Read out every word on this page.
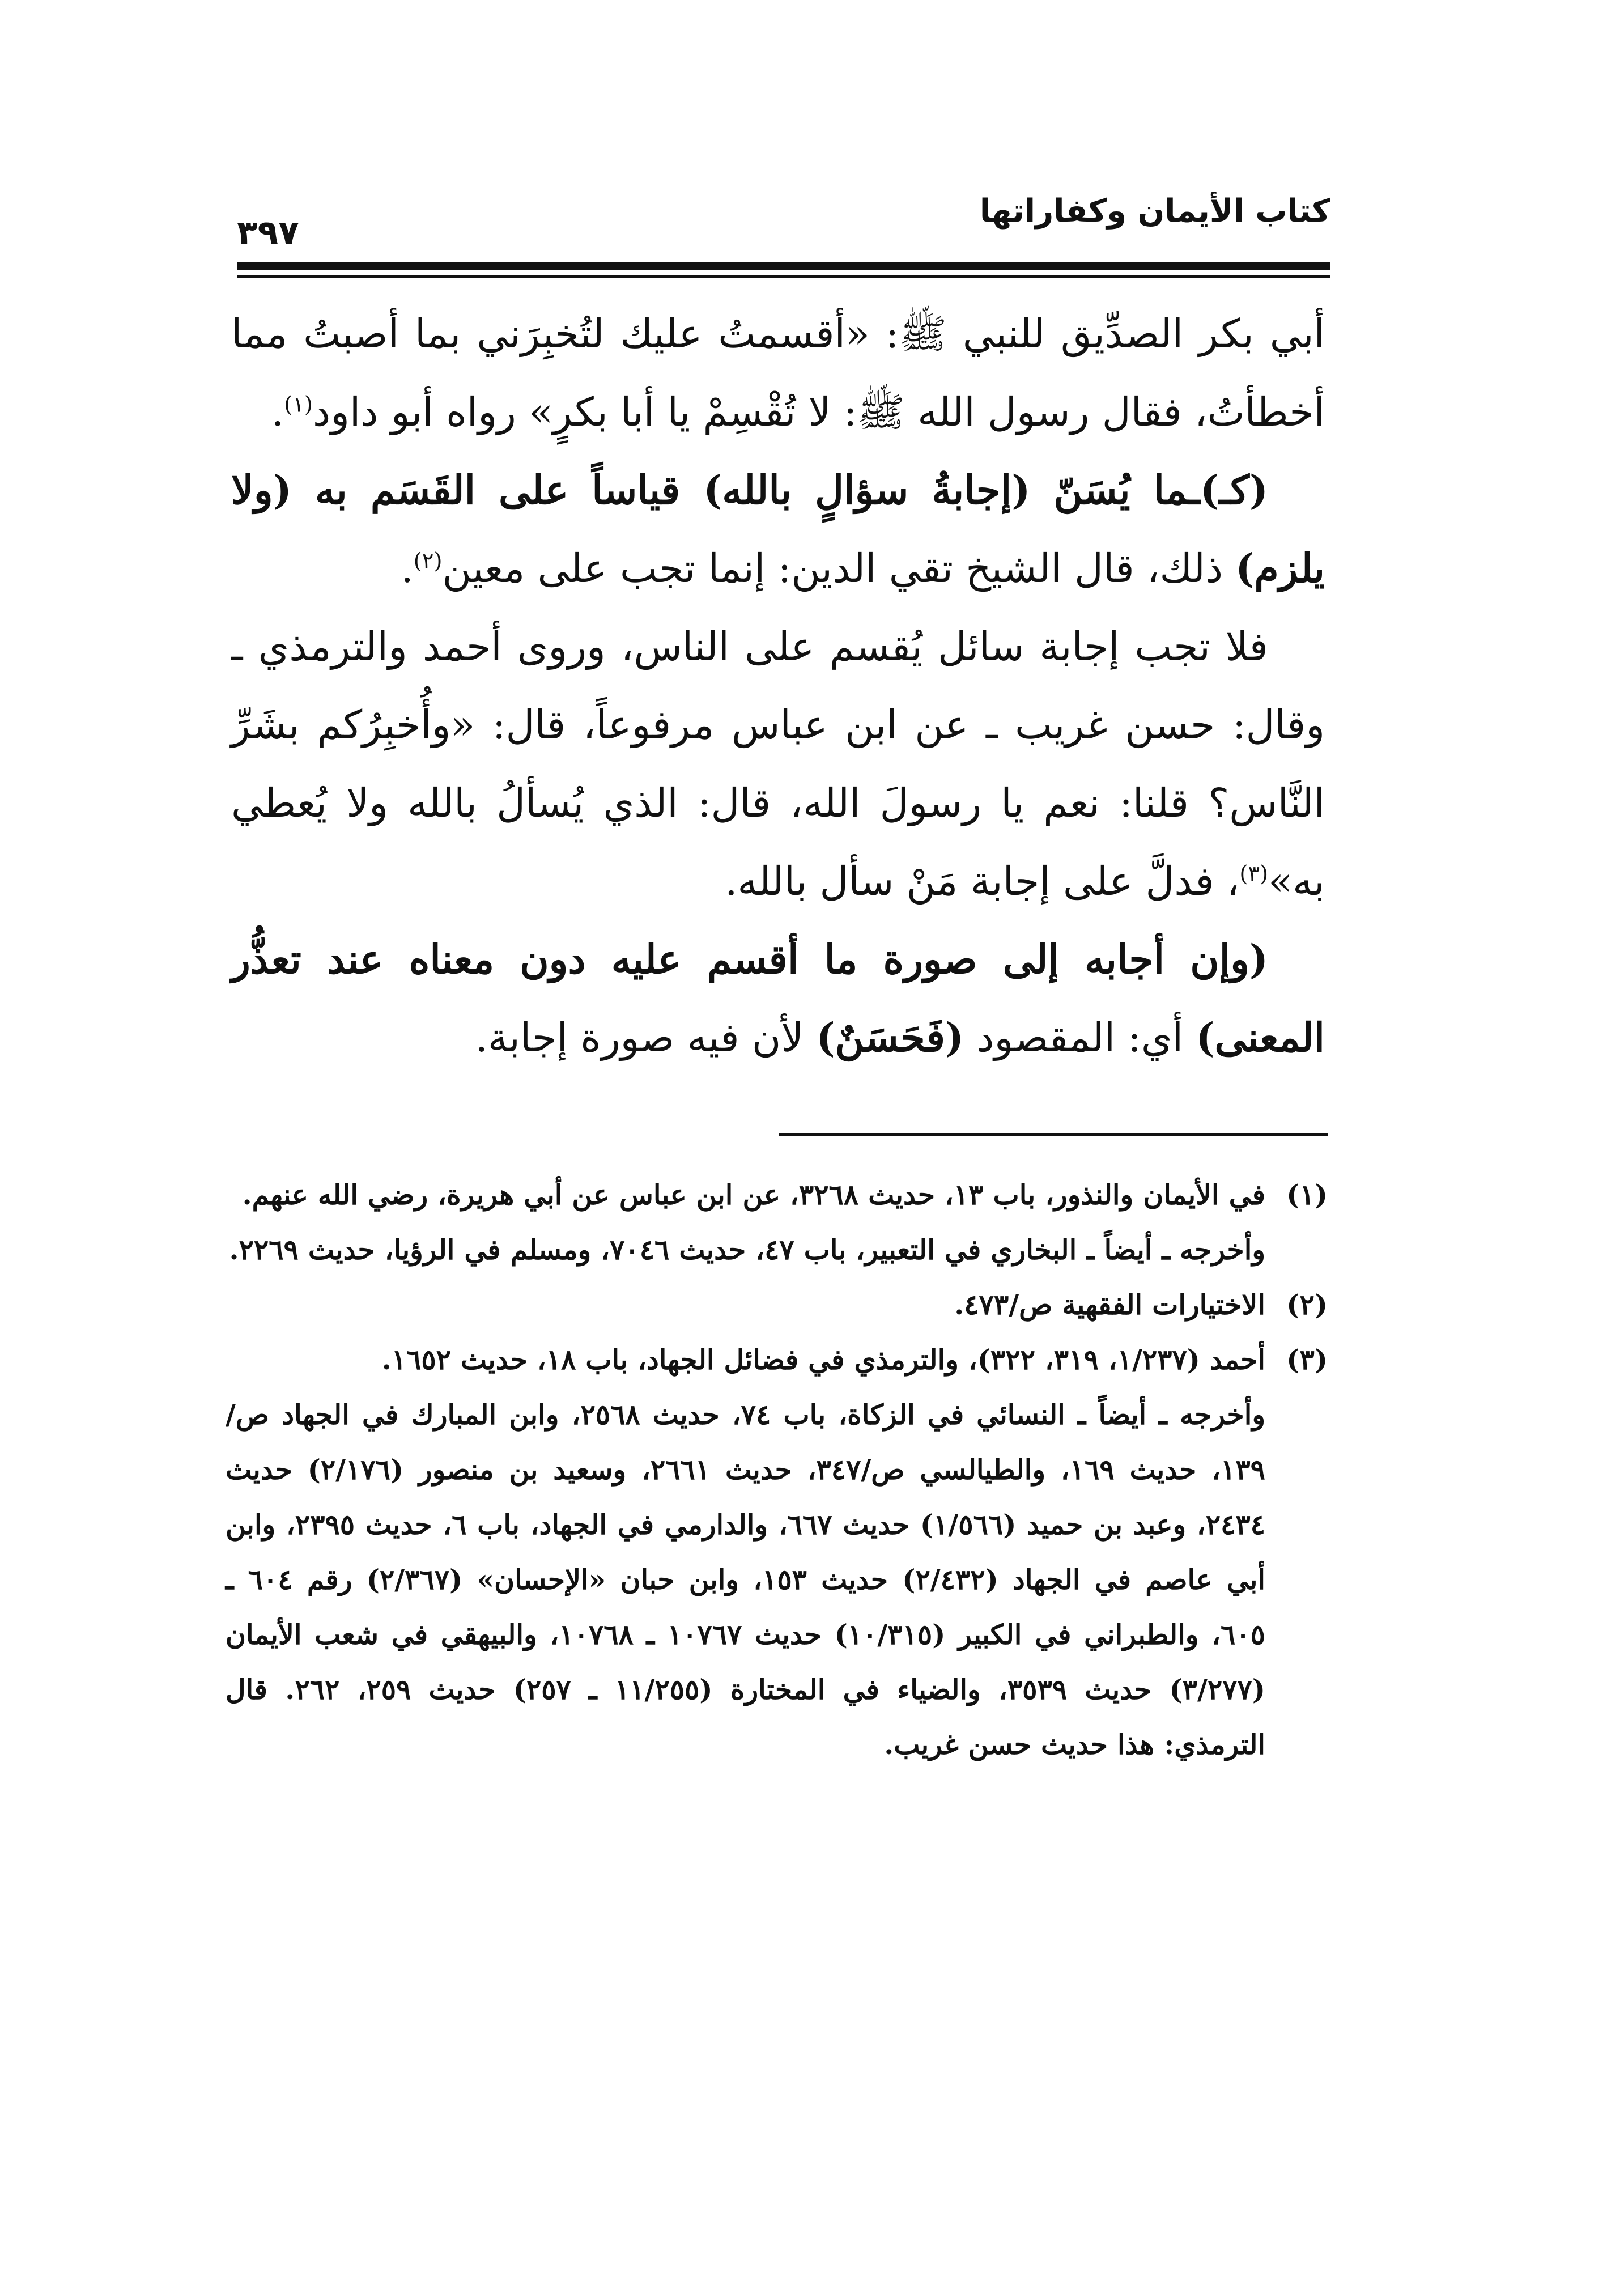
كتاب الأيمان وكفاراتها
٣٩٧

أبي بكر الصدِّيق للنبي ﷺ: «أقسمتُ عليك لتُخبِرَني بما أصبتُ مما أخطأتُ، فقال رسول الله ﷺ: لا تُقْسِمْ يا أبا بكرٍ» رواه أبو داود$^{(١)}$.

(كـ)ـما يُسَنّ (إجابةُ سؤالٍ بالله) قياساً على القَسَم به (ولا يلزم) ذلك، قال الشيخ تقي الدين: إنما تجب على معين$^{(٢)}$.

فلا تجب إجابة سائل يُقسم على الناس، وروى أحمد والترمذي ـ وقال: حسن غريب ـ عن ابن عباس مرفوعاً، قال: «وأُخبِرُكم بشَرِّ النَّاس؟ قلنا: نعم يا رسولَ الله، قال: الذي يُسألُ بالله ولا يُعطي به»$^{(٣)}$، فدلَّ على إجابة مَنْ سأل بالله.

(وإن أجابه إلى صورة ما أقسم عليه دون معناه عند تعذُّر المعنى) أي: المقصود (فَحَسَنٌ) لأن فيه صورة إجابة.

(١)

في الأيمان والنذور، باب ١٣، حديث ٣٢٦٨، عن ابن عباس عن أبي هريرة، رضي الله عنهم.

وأخرجه ـ أيضاً ـ البخاري في التعبير، باب ٤٧، حديث ٧٠٤٦، ومسلم في الرؤيا، حديث ٢٢٦٩.

(٢)

الاختيارات الفقهية ص/٤٧٣.

(٣)

أحمد (١/٢٣٧، ٣١٩، ٣٢٢)، والترمذي في فضائل الجهاد، باب ١٨، حديث ١٦٥٢.

وأخرجه ـ أيضاً ـ النسائي في الزكاة، باب ٧٤، حديث ٢٥٦٨، وابن المبارك في الجهاد ص/١٣٩، حديث ١٦٩، والطيالسي ص/٣٤٧، حديث ٢٦٦١، وسعيد بن منصور (٢/١٧٦) حديث ٢٤٣٤، وعبد بن حميد (١/٥٦٦) حديث ٦٦٧، والدارمي في الجهاد، باب ٦، حديث ٢٣٩٥، وابن أبي عاصم في الجهاد (٢/٤٣٢) حديث ١٥٣، وابن حبان «الإحسان» (٢/٣٦٧) رقم ٦٠٤ ـ ٦٠٥، والطبراني في الكبير (١٠/٣١٥) حديث ١٠٧٦٧ ـ ١٠٧٦٨، والبيهقي في شعب الأيمان (٣/٢٧٧) حديث ٣٥٣٩، والضياء في المختارة (١١/٢٥٥ ـ ٢٥٧) حديث ٢٥٩، ٢٦٢. قال الترمذي: هذا حديث حسن غريب.
